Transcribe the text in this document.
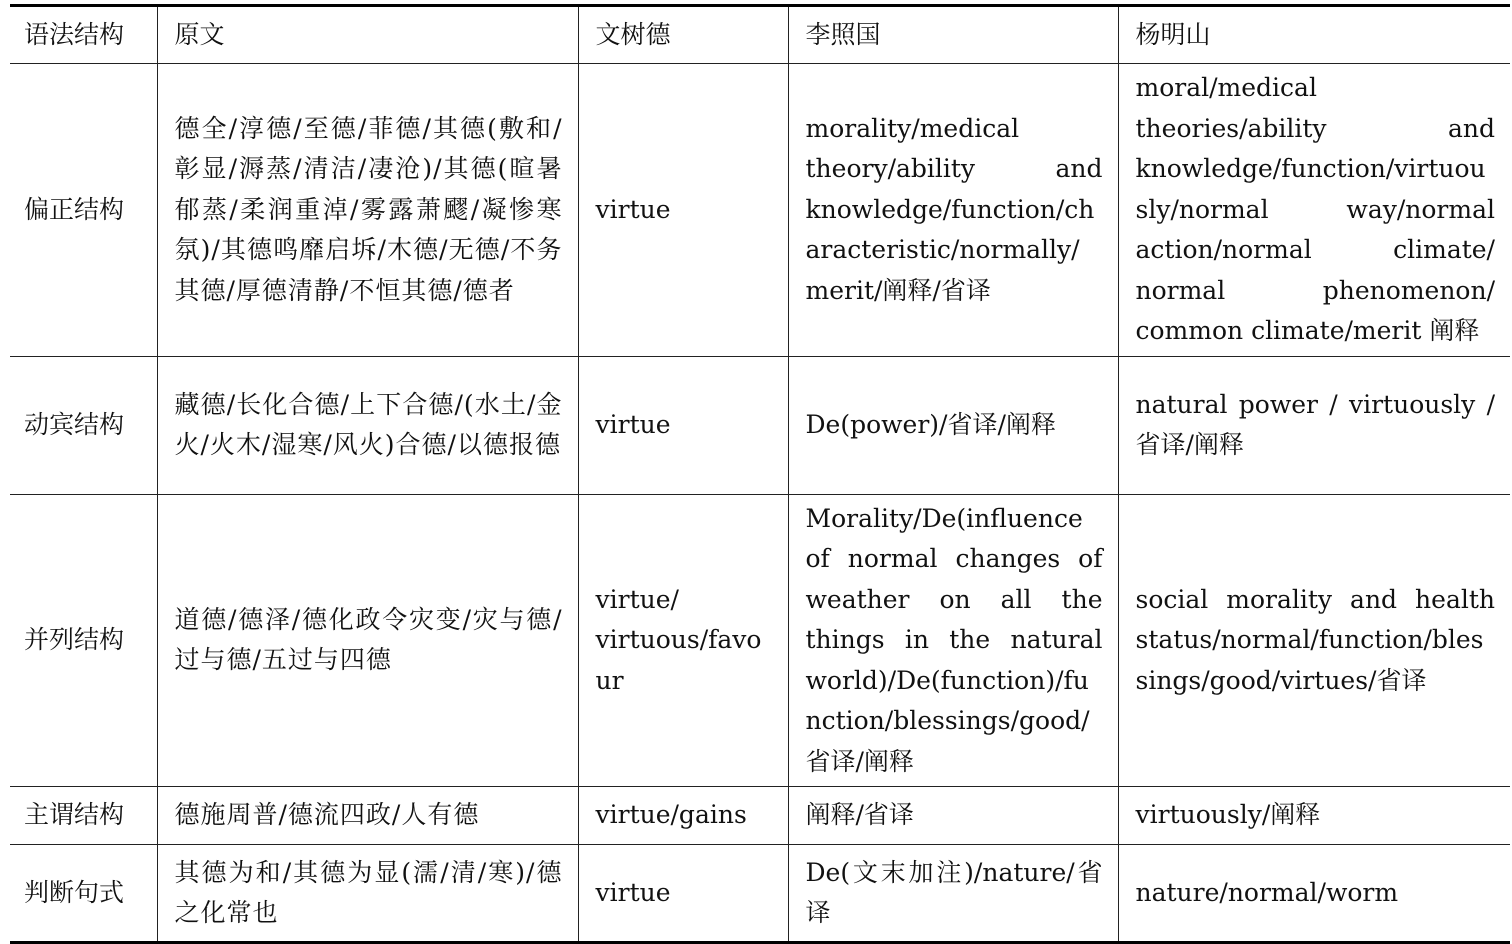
语法结构	原文	文树德	李照国	杨明山
偏正结构	德全/淳德/至德/菲德/其德(敷和/彰显/溽蒸/清洁/凄沧)/其德(暄暑郁蒸/柔润重淖/雾露萧飂/凝惨寒氛)/其德鸣靡启坼/木德/无德/不务其德/厚德清静/不恒其德/德者	virtue	morality/medical theory/ability and knowledge/function/characteristic/normally/merit/阐释/省译	moral/medical theories/ability and knowledge/function/virtuously/normal way/normal action/normal climate/ normal phenomenon/ common climate/merit 阐释
动宾结构	藏德/长化合德/上下合德/(水土/金火/火木/湿寒/风火)合德/以德报德	virtue	De(power)/省译/阐释	natural power / virtuously / 省译/阐释
并列结构	道德/德泽/德化政令灾变/灾与德/过与德/五过与四德	virtue/ virtuous/favour	Morality/De(influence of normal changes of weather on all the things in the natural world)/De(function)/function/blessings/good/省译/阐释	social morality and health status/normal/function/blessings/good/virtues/省译
主谓结构	德施周普/德流四政/人有德	virtue/gains	阐释/省译	virtuously/阐释
判断句式	其德为和/其德为显(濡/清/寒)/德之化常也	virtue	De(文末加注)/nature/省译	nature/normal/worm
